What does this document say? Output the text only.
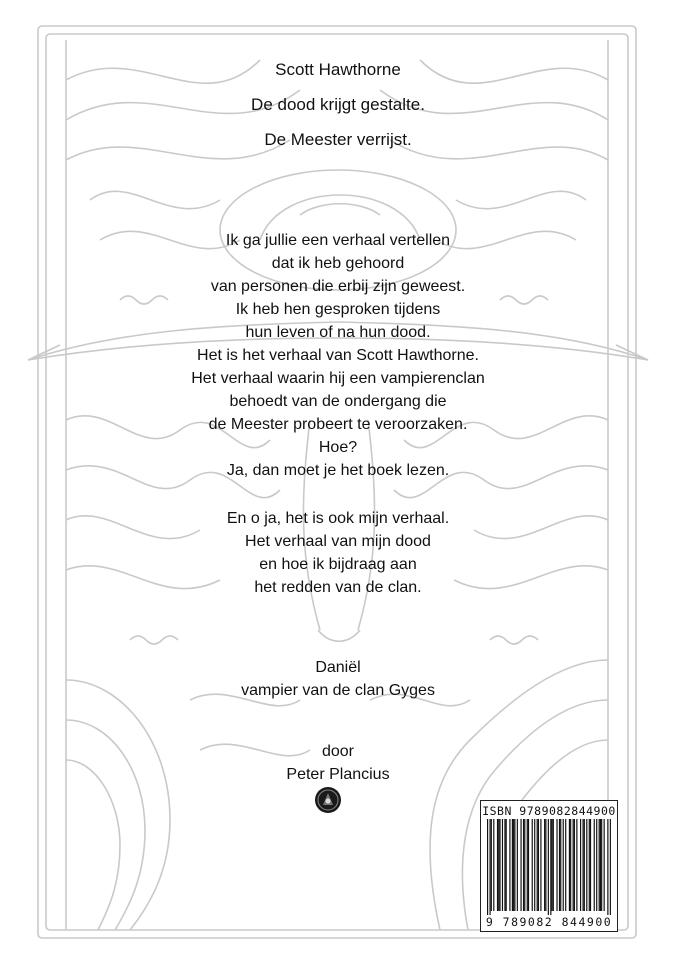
Scott Hawthorne
De dood krijgt gestalte.
De Meester verrijst.
Ik ga jullie een verhaal vertellen
dat ik heb gehoord
van personen die erbij zijn geweest.
Ik heb hen gesproken tijdens
hun leven of na hun dood.
Het is het verhaal van Scott Hawthorne.
Het verhaal waarin hij een vampierenclan
behoedt van de ondergang die
de Meester probeert te veroorzaken.
Hoe?
Ja, dan moet je het boek lezen.
En o ja, het is ook mijn verhaal.
Het verhaal van mijn dood
en hoe ik bijdraag aan
het redden van de clan.
Daniël
vampier van de clan Gyges
door
Peter Plancius
ISBN 9789082844900
9 789082 844900
